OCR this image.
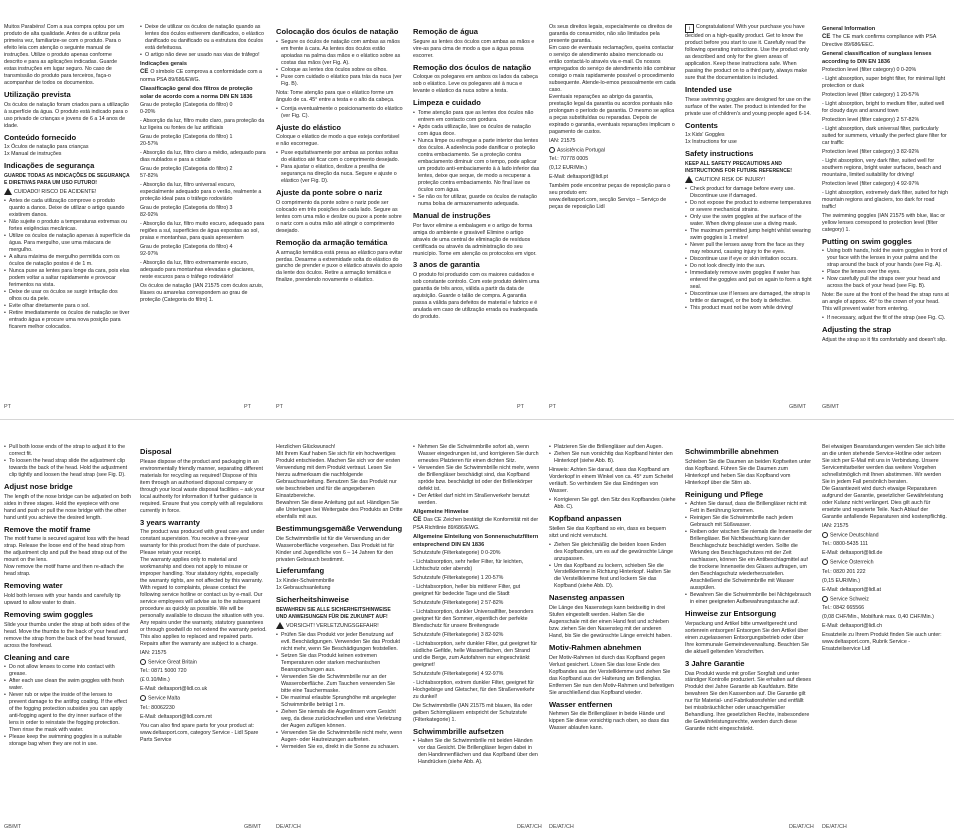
Muitos Parabéns! Com a sua compra optou por um produto de alta qualidade. Antes de a utilizar pela primeira vez, familiarize-se com o produto. Para o efeito leia com atenção o seguinte manual de instruções. Utilize o produto apenas conforme descrito e para as aplicações indicadas. Guarde estas instruções em lugar seguro. No caso de transmissão do produto para terceiros, faça-o acompanhar de todos os documentos.

Utilização prevista

Os óculos de natação foram criados para a utilização à superfície da água. O produto está indicado para o uso privado de crianças e jovens de 6 a 14 anos de idade.

Conteúdo fornecido

1x Óculos de natação para crianças
1x Manual de instruções

Indicações de segurança

GUARDE TODAS AS INDICAÇÕES DE SEGURANÇA E DIRETIVAS PARA UM USO FUTURO!

CUIDADO! RISCO DE ACIDENTE!

• Antes de cada utilização comprove o produto quanto a danos. Deixe de utilizar o artigo quando existirem danos.
• Não sujeite o produto a temperaturas extremas ou fortes exigências mecânicas.
• Utilize os óculos de natação apenas à superfície da água. Para mergulho, use uma máscara de mergulho.
• A altura máxima de mergulho permitida com os óculos de natação postos é de 1 m.
• Nunca puxe as lentes para longe da cara, pois elas podem voltar a saltar rapidamente e provocar ferimentos na vista.
• Deixe de usar os óculos se surgir irritação dos olhos ou da pele.
• Evite olhar diretamente para o sol.
• Retire imediatamente os óculos de natação se tiver entrado água e procure uma nova posição para ficarem melhor colocados.
• Deixe de utilizar os óculos de natação quando as lentes dos óculos estiverem danificados, o elástico danificado ou danificado ou a estrutura dos óculos está defeituosa.
• O artigo não deve ser usado nas vias de tráfego!
Indicações gerais

CE O símbolo CE comprova a conformidade com a norma PSA 89/686/EWG.

Classificação geral dos filtros de proteção solar de acordo com a norma DIN EN 1836

Grau de proteção (Categoria do filtro) 0
0-20%

- Absorção da luz, filtro muito claro, para proteção da luz ligeira ou fontes de luz artificiais

Grau de proteção (Categoria do filtro) 1
20-57%

- Absorção da luz, filtro claro a médio, adequado para dias nublados e para a cidade

Grau de proteção (Categoria do filtro) 2
57-82%

- Absorção da luz, filtro universal escuro, especialmente adequado para o verão, realmente a proteção ideal para o tráfego rodoviário

Grau de proteção (Categoria do filtro) 3
82-92%

- Absorção da luz, filtro muito escuro, adequado para regiões a sul, superfícies de água expostas ao sol, praias e montanhas, para quais apresentem

Grau de proteção (Categoria do filtro) 4
92-97%

- Absorção da luz, filtro extremamente escuro, adequado para montanhas elevadas e glaciares, neste escuros para o tráfego rodoviário!

Os óculos de natação (IAN 21575 com óculos azuis, lilases ou amarelas correspondem ao grau de proteção (Categoria do filtro) 1.

Colocação dos óculos de natação
• Segure os óculos de natação com ambas as mãos em frente à cara. As lentes dos óculos estão apoiadas na palma das mãos e o elástico sobre as costas das mãos (ver Fig. A).
• Coloque as lentes dos óculos sobre os olhos.
• Puxe com cuidado o elástico para trás da nuca (ver Fig. B).

Nota: Tome atenção para que o elástico forme um ângulo de ca. 45° entre a testa e o alto da cabeça.

• Corrija eventualmente o posicionamento do elástico (ver Fig. C).
Ajuste do elástico

Coloque o elástico de modo a que esteja confortável e não escorregue.

• Puxe equitativamente por ambas as pontas soltas do elástico até ficar com o comprimento desejado.
• Para ajustar o elástico, deslize a presilha de segurança na direção da nuca. Segure e ajuste o elástico (ver Fig. D).
Ajuste da ponte sobre o nariz

O comprimento da ponte sobre o nariz pode ser colocado em três posições de cada lado. Segure as lentes com uma mão e deslize ou puxe a ponte sobre o nariz com a outra mão até atingir o comprimento desejado.

Remoção da armação temática

A armação temática está presa ao elástico para evitar perdas. Desarme a extremidade solta do elástico do gancho de prender e puxe o elástico através do apoio da lente dos óculos. Retire a armação temática e finalize, prendendo novamente o elástico.

Remoção de água

Segure as lentes dos óculos com ambas as mãos e vire-as para cima de modo a que a água possa escorrer.

Remoção dos óculos de natação

Coloque os polegares em ambos os lados da cabeça sob o elástico. Leve os polegares até à nuca e levante o elástico da nuca sobre a testa.

Limpeza e cuidado
• Tome atenção para que as lentes dos óculos não entrem em contacto com gordura.
• Após cada utilização, lave os óculos de natação com água doce.
• Nunca limpe ou esfregue a parte interior das lentes dos óculos. A aderência pode danificar o proteção contra embaciamento. Se a proteção contra embaciamento diminuir com o tempo, pode aplicar um produto anti-embaciamento à à lado inferior das lentes, deixe que seque, de modo a recuperar a proteção contra embaciamento. No final lave os óculos com água.
• Se não os for utilizar, guarde os óculos de natação numa bolsa de armazenamento adequada.
Manual de instruções

Por favor elimine a embalagem e o artigo de forma amiga do ambiente e gravável! Elimine o artigo através de uma central de eliminação de resíduos certificada ou através da administração do seu município. Tome em atenção os protocolos em vigor.

3 anos de garantia

O produto foi produzido com os maiores cuidados e sob constante controlo. Com este produto detém uma garantia de três anos, válida a partir da data de aquisição. Guarde o talão de compra. A garantia passa a válida para defeitos de material e fabrico e é anulada em caso de utilização errada ou inadequada do produto.

Os seus direitos legais, especialmente os direitos de garantia do consumidor, não são limitados pela presente garantia.
Em caso de eventuais reclamações, queira contactar o serviço de atendimento abaixo mencionado ou então contactá-lo através via e-mail. Os nossos empregados do serviço de atendimento irão combinar consigo o mais rapidamente possível o procedimento subsequente. Atende-lo-emos pessoalmente em cada caso.
Eventuais reparações ao abrigo da garantia, prestação legal da garantia ou acordos pontuais não prolongam o período de garantia. O mesmo se aplica a peças substituídas ou reparadas. Depois de expirado o garantia, eventuais reparações implicam o pagamento de custos.

IAN: 21575

Assistência Portugal

Tel.: 70778 0005

(0,12 EUR/Min.)

E-Mail: deltasport@lidl.pt

Também pode encontrar peças de reposição para o seu produto em:
www.deltasport.com, secção Serviço – Serviço de peças de reposição Lidl

i Congratulations! With your purchase you have decided on a high-quality product. Get to know the product before you start to use it. Carefully read the following operating instructions. Use the product only as described and only for the given areas of application. Keep these instructions safe. When passing the product on to a third party, always make sure that the documentation is included.

Intended use

These swimming goggles are designed for use on the surface of the water. The product is intended for the private use of children's and young people aged 6-14.

Contents

1x Kids' Goggles
1x Instructions for use

Safety instructions

KEEP ALL SAFETY PRECAUTIONS AND INSTRUCTIONS FOR FUTURE REFERENCE!

CAUTION! RISK OF INJURY!

• Check product for damage before every use. Discontinue use if damaged.
• Do not expose the product to extreme temperatures or severe mechanical strains.
• Only use the swim goggles at the surface of the water. When diving please use a diving mask.
• The maximum permitted jump height whilst wearing swim goggles is 1 metre!
• Never pull the lenses away from the face as they may rebound, causing injury to the eyes.
• Discontinue use if eye or skin irritation occurs.
• Do not look directly into the sun.
• Immediately remove swim goggles if water has entered the goggles and put on again to form a tight seal.
• Discontinue use if lenses are damaged, the strap is brittle or damaged, or the body is defective.
• This product must not be worn while driving!
General Information

CE The CE mark confirms compliance with PSA Directive 89/686/EEC.

General classification of sunglass lenses according to DIN EN 1836

Protection level (filter category) 0 0-20%

- Light absorption, super bright filter, for minimal light protection or dusk

Protection level (filter category) 1 20-57%

- Light absorption, bright to medium filter, suited well for cloudy days and around town

Protection level (filter category) 2 57-82%

- Light absorption, dark universal filter, particularly suited for summers, virtually the perfect glare filter for car traffic

Protection level (filter category) 3 82-92%

- Light absorption, very dark filter, suited well for southern regions, bright water surfaces, beach and mountains, limited suitability for driving!

Protection level (filter category) 4 92-97%

- Light absorption, extremely dark filter, suited for high mountain regions and glaciers, too dark for road traffic!

The swimming goggles (IAN 21575 with blue, lilac or yellow lenses correspond to protection level (filter category) 1.

Putting on swim goggles
• Using both hands, hold the swim goggles in front of your face with the lenses in your palms and the strap around the back of your hands (see Fig. A).
• Place the lenses over the eyes.
• Now carefully pull the straps over your head and across the back of your head (see Fig. B).

Note: Be sure at the front of the head the strap runs at an angle of approx. 45° to the crown of your head. This will prevent water from entering.

• If necessary, adjust the fit of the strap (see Fig. C).
Adjusting the strap

Adjust the strap so it fits comfortably and doesn't slip.

PT	PT	PT	PT	PT	GB/MT	GB/MT
• Pull both loose ends of the strap to adjust it to the correct fit.
• To loosen the head strap slide the adjustment clip towards the back of the head. Hold the adjustment clip tightly and loosen the head strap (see Fig. D).
Adjust nose bridge

The length of the nose bridge can be adjusted on both sides in three stages. Hold the eyepiece with one hand and push or pull the nose bridge with the other hand until you achieve the desired length.

Remove the motif frame

The motif frame is secured against loss with the head strap. Release the loose end of the head strap from the adjustment clip and pull the head strap out of the mount on the lens.
Now remove the motif frame and then re-attach the head strap.

Removing water

Hold both lenses with your hands and carefully tip upward to allow water to drain.

Removing swim goggles

Slide your thumbs under the strap at both sides of the head. Move the thumbs to the back of your head and remove the strap from the back of the head forward, across the forehead.

Cleaning and care
• Do not allow lenses to come into contact with grease.
• After each use clean the swim goggles with fresh water.
• Never rub or wipe the inside of the lenses to prevent damage to the antifog coating. If the effect of the fogging protection subsides you can apply anti-fogging agent to the dry inner surface of the lens in order to reinstate the fogging protection. Then rinse the mask with water.
• Please keep the swimming goggles in a suitable storage bag when they are not in use.
Disposal

Please dispose of the product and packaging in an environmentally friendly manner, separating different materials for recycling as required! Dispose of this item through an authorised disposal company or through your local waste disposal facilities – ask your local authority for information if further guidance is required. Ensure that you comply with all regulations currently in force.

3 years warranty

The product was produced with great care and under constant supervision. You receive a three-year warranty for this product from the date of purchase. Please retain your receipt.
The warranty applies only to material and workmanship and does not apply to misuse or improper handling. Your statutory rights, especially the warranty rights, are not affected by this warranty. With regard to complaints, please contact the following service hotline or contact us by e-mail. Our service employees will advise as to the subsequent procedure as quickly as possible. We will be personally available to discuss the situation with you. Any repairs under the warranty, statutory guarantees or through goodwill do not extend the warranty period. This also applies to replaced and repaired parts. Repairs after the warranty are subject to a charge.

IAN: 21575

Service Great Britain

Tel.: 0871 5000 720

(£ 0.10/Min.)

E-Mail: deltasport@lidl.co.uk

Service Malta

Tel.: 80062230

E-Mail: deltasport@lidl.com.mt

You can also find spare parts for your product at: www.deltasport.com, category Service - Lidl Spare Parts Service

Herzlichen Glückwunsch!
Mit Ihrem Kauf haben Sie sich für ein hochwertiges Produkt entschieden. Machen Sie sich vor der ersten Verwendung mit dem Produkt vertraut. Lesen Sie hierzu aufmerksam die nachfolgende Gebrauchsanleitung. Benutzen Sie das Produkt nur wie beschrieben und für die angegebenen Einsatzbereiche.
Bewahren Sie diese Anleitung gut auf. Händigen Sie alle Unterlagen bei Weitergabe des Produkts an Dritte ebenfalls mit aus.

Bestimmungsgemäße Verwendung

Die Schwimmbrille ist für die Verwendung an der Wasseroberfläche vorgesehen. Das Produkt ist für Kinder und Jugendliche von 6 – 14 Jahren für den privaten Gebrauch bestimmt.

Lieferumfang

1x Kinder-Schwimmbrille
1x Gebrauchsanleitung

Sicherheitshinweise

BEWAHREN SIE ALLE SICHERHEITSHINWEISE UND ANWEISUNGEN FÜR DIE ZUKUNFT AUF!

VORSICHT! VERLETZUNGSGEFAHR!

• Prüfen Sie das Produkt vor jeder Benutzung auf evtl. Beschädigungen. Verwenden Sie das Produkt nicht mehr, wenn Sie Beschädigungen feststellen.
• Setzen Sie das Produkt keinen extremen Temperaturen oder starken mechanischen Beanspruchungen aus.
• Verwenden Sie die Schwimmbrille nur an der Wasseroberfläche. Zum Tauchen verwenden Sie bitte eine Tauchermaske.
• Die maximal erlaubte Sprunghöhe mit angelegter Schwimmbrille beträgt 1 m.
• Ziehen Sie niemals die Augenlinsen vom Gesicht weg, da diese zurückschnellen und eine Verletzung der Augen zufügen können.
• Verwenden Sie die Schwimmbrille nicht mehr, wenn Augen- oder Hautreizungen auftreten.
• Vermeiden Sie es, direkt in die Sonne zu schauen.
• Nehmen Sie die Schwimmbrille sofort ab, wenn Wasser eingedrungen ist, und korrigieren Sie durch erneutes Platzieren für einen dichten Sitz.
• Verwenden Sie die Schwimmbrille nicht mehr, wenn die Brillengläser beschädigt sind, das Kopfband spröde bzw. beschädigt ist oder der Brillenkörper defekt ist.
• Der Artikel darf nicht im Straßenverkehr benutzt werden.
Allgemeine Hinweise

CE Das CE Zeichen bestätigt die Konformität mit der PSA Richtlinie 89/686/EWG.

Allgemeine Einteilung von Sonnenschutzfiltern entsprechend DIN EN 1836

Schutzstufe (Filterkategorie) 0 0-20%

- Lichtabsorption, sehr heller Filter, für leichten, Lichtschutz oder abends)

Schutzstufe (Filterkategorie) 1 20-57%

- Lichtabsorption, heller bis mittlerer Filter, gut geeignet für bedeckte Tage und die Stadt

Schutzstufe (Filterkategorie) 2 57-82%

- Lichtabsorption, dunkler Universalfilter, besonders geeignet für den Sommer, eigentlich der perfekte Blendschutz für unsere Breitengrade

Schutzstufe (Filterkategorie) 3 82-92%

- Lichtabsorption, sehr dunkler Filter, gut geeignet für südliche Gefilde, helle Wasserflächen, den Strand und die Berge, zum Autofahren nur eingeschränkt geeignet!

Schutzstufe (Filterkategorie) 4 92-97%

- Lichtabsorption, extrem dunkler Filter, geeignet für Hochgebirge und Gletscher, für den Straßenverkehr zu dunkel!

Die Schwimmbrille (IAN 21575 mit blauen, lila oder gelben Schirmgläsern entspricht der Schutzstufe (Filterkategorie) 1.

Schwimmbrille aufsetzen
• Halten Sie die Schwimmbrille mit beiden Händen vor das Gesicht. Die Brillengläser liegen dabei in den Handinnenflächen und das Kopfband über den Handrücken (siehe Abb. A).
• Platzieren Sie die Brillengläser auf den Augen.
• Ziehen Sie nun vorsichtig das Kopfband hinter den Hinterkopf (siehe Abb. B).

Hinweis: Achten Sie darauf, dass das Kopfband am Vorderkopf in einem Winkel von ca. 45° zum Scheitel verläuft. So verhindern Sie das Eindringen von Wasser.

• Korrigieren Sie ggf. den Sitz des Kopfbandes (siehe Abb. C).
Kopfband anpassen

Stellen Sie das Kopfband so ein, dass es bequem sitzt und nicht verrutscht.

• Ziehen Sie gleichmäßig die beiden losen Enden des Kopfbandes, um es auf die gewünschte Länge anzupassen.
• Um das Kopfband zu lockern, schieben Sie die Verstellklemme in Richtung Hinterkopf. Halten Sie die Verstellklemme fest und lockern Sie das Kopfband (siehe Abb. D).
Nasensteg anpassen

Die Länge des Nasenstegs kann beidseitig in drei Stufen eingestellt werden. Halten Sie die Augenschale mit der einen Hand fest und schieben bzw. ziehen Sie den Nasensteg mit der anderen Hand, bis Sie die gewünschte Länge erreicht haben.

Motiv-Rahmen abnehmen

Der Motiv-Rahmen ist durch das Kopfband gegen Verlust gesichert. Lösen Sie das lose Ende des Kopfbandes aus der Verstellklemme und ziehen Sie das Kopfband aus der Halterung am Brillenglas. Entfernen Sie nun den Motiv-Rahmen und befestigen Sie anschließend das Kopfband wieder.

Wasser entfernen

Nehmen Sie die Brillengläser in beide Hände und kippen Sie diese vorsichtig nach oben, so dass das Wasser ablaufen kann.

Schwimmbrille abnehmen

Schieben Sie die Daumen an beiden Kopfseiten unter das Kopfband. Führen Sie die Daumen zum Hinterkopf und heben Sie das Kopfband vom Hinterkopf über die Stirn ab.

Reinigung und Pflege
• Achten Sie darauf, dass die Brillengläser nicht mit Fett in Berührung kommen.
• Reinigen Sie die Schwimmbrille nach jedem Gebrauch mit Süßwasser.
• Reiben oder wischen Sie niemals die Innenseite der Brillengläser. Bei Nichtbeachtung kann der Beschlagschutz beschädigt werden. Sollte die Wirkung des Beschlagschutzes mit der Zeit nachlassen, können Sie ein Antibeschlagmittel auf die trockene Innenseite des Glases auftragen, um den Beschlagschutz wiederherzustellen. Anschließend die Schwimmbrille mit Wasser ausspülen.
• Bewahren Sie die Schwimmbrille bei Nichtgebrauch in einer geeigneten Aufbewahrungstasche auf.
Hinweise zur Entsorgung

Verpackung und Artikel bitte umweltgerecht und sortenrein entsorgen! Entsorgen Sie den Artikel über einen zugelassenen Entsorgungsbetrieb oder über Ihre kommunale Gemeindeverwaltung. Beachten Sie die aktuell geltenden Vorschriften.

3 Jahre Garantie

Das Produkt wurde mit großer Sorgfalt und unter ständiger Kontrolle produziert. Sie erhalten auf dieses Produkt drei Jahre Garantie ab Kaufdatum. Bitte bewahren Sie den Kassenbon auf. Die Garantie gilt nur für Material- und Fabrikationsfehler und entfällt bei missbräuchlicher oder unsachgemäßer Behandlung. Ihre gesetzlichen Rechte, insbesondere die Gewährleistungsrechte, werden durch diese Garantie nicht eingeschränkt.

Bei etwaigen Beanstandungen wenden Sie sich bitte an die unten stehende Service-Hotline oder setzen Sie sich per E-Mail mit uns in Verbindung. Unsere Servicemitarbeiter werden das weitere Vorgehen schnellstmöglich mit Ihnen abstimmen. Wir werden Sie in jedem Fall persönlich beraten.
Die Garantiezeit wird durch etwaige Reparaturen aufgrund der Garantie, gesetzlicher Gewährleistung oder Kulanz nicht verlängert. Dies gilt auch für ersetzte und reparierte Teile. Nach Ablauf der Garantie anfallende Reparaturen sind kostenpflichtig.

IAN: 21575

Service Deutschland

Tel.: 0800-5435 111

E-Mail: deltasport@lidl.de

Service Österreich

Tel.: 0820 201 222

(0,15 EUR/Min.)

E-Mail: deltasport@lidl.at

Service Schweiz

Tel.: 0842 665566

(0,08 CHF/Min., Mobilfunk max. 0,40 CHF/Min.)

E-Mail: deltasport@lidl.ch

Ersatzteile zu Ihrem Produkt finden Sie auch unter: www.deltasport.com, Rubrik Service - Ersatzteilservice Lidl

GB/MT	GB/MT	DE/AT/CH	DE/AT/CH DE/AT/CH	DE/AT/CH DE/AT/CH
